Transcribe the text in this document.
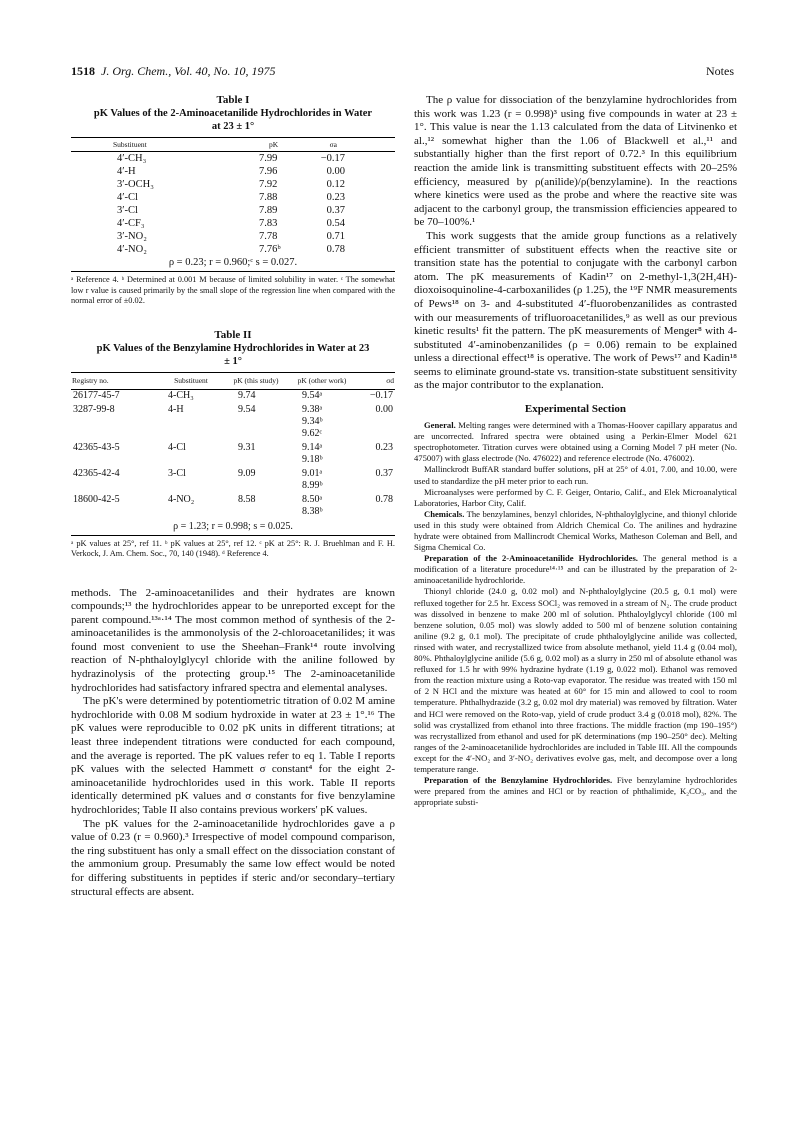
1518 J. Org. Chem., Vol. 40, No. 10, 1975	Notes

Table I

pK Values of the 2-Aminoacetanilide Hydrochlorides in Water at 23 ± 1°

Substituent	pK	σa
4′-CH₃	7.99	−0.17
4′-H	7.96	0.00
3′-OCH₃	7.92	0.12
4′-Cl	7.88	0.23
3′-Cl	7.89	0.37
4′-CF₃	7.83	0.54
3′-NO₂	7.78	0.71
4′-NO₂	7.76ᵇ	0.78
ρ = 0.23; r = 0.960;ᶜ s = 0.027.		

ᵃ Reference 4. ᵇ Determined at 0.001 M because of limited solubility in water. ᶜ The somewhat low r value is caused primarily by the small slope of the regression line when compared with the normal error of ±0.02.

Table II

pK Values of the Benzylamine Hydrochlorides in Water at 23 ± 1°

Registry no.	Substituent	pK (this study)	pK (other work)	σd
26177-45-7	4-CH₃	9.74	9.54ᵃ	−0.17
3287-99-8	4-H	9.54	9.38ᵃ	0.00
			9.34ᵇ	
			9.62ᶜ	
42365-43-5	4-Cl	9.31	9.14ᵃ	0.23
			9.18ᵇ	
42365-42-4	3-Cl	9.09	9.01ᵃ	0.37
			8.99ᵇ	
18600-42-5	4-NO₂	8.58	8.50ᵃ	0.78
			8.38ᵇ	
ρ = 1.23; r = 0.998; s = 0.025.				

ᵃ pK values at 25°, ref 11. ᵇ pK values at 25°, ref 12. ᶜ pK at 25°: R. J. Bruehlman and F. H. Verkock, J. Am. Chem. Soc., 70, 140 (1948). ᵈ Reference 4.

methods. The 2-aminoacetanilides and their hydrates are known compounds;¹³ the hydrochlorides appear to be unreported except for the parent compound.¹³ᵃ·¹⁴ The most common method of synthesis of the 2-aminoacetanilides is the ammonolysis of the 2-chloroacetanilides; it was found most convenient to use the Sheehan–Frank¹⁴ route involving reaction of N-phthaloylglycyl chloride with the aniline followed by hydrazinolysis of the protecting group.¹⁵ The 2-aminoacetanilide hydrochlorides had satisfactory infrared spectra and elemental analyses.

The pK's were determined by potentiometric titration of 0.02 M amine hydrochloride with 0.08 M sodium hydroxide in water at 23 ± 1°.¹⁶ The pK values were reproducible to 0.02 pK units in different titrations; at least three independent titrations were conducted for each compound, and the average is reported. The pK values refer to eq 1. Table I reports pK values with the selected Hammett σ constant⁴ for the eight 2-aminoacetanilide hydrochlorides used in this work. Table II reports identically determined pK values and σ constants for five benzylamine hydrochlorides; Table II also contains previous workers' pK values.

The pK values for the 2-aminoacetanilide hydrochlorides gave a ρ value of 0.23 (r = 0.960).³ Irrespective of model compound comparison, the ring substituent has only a small effect on the dissociation constant of the ammonium group. Presumably the same low effect would be noted for differing substituents in peptides if steric and/or secondary–tertiary structural effects are absent.

The ρ value for dissociation of the benzylamine hydrochlorides from this work was 1.23 (r = 0.998)³ using five compounds in water at 23 ± 1°. This value is near the 1.13 calculated from the data of Litvinenko et al.,¹² somewhat higher than the 1.06 of Blackwell et al.,¹¹ and substantially higher than the first report of 0.72.³ In this equilibrium reaction the amide link is transmitting substituent effects with 20–25% efficiency, measured by ρ(anilide)/ρ(benzylamine). In the reactions where kinetics were used as the probe and where the reactive site was adjacent to the carbonyl group, the transmission efficiencies appeared to be 70–100%.¹

This work suggests that the amide group functions as a relatively efficient transmitter of substituent effects when the reactive site or transition state has the potential to conjugate with the carbonyl carbon atom. The pK measurements of Kadin¹⁷ on 2-methyl-1,3(2H,4H)-dioxoisoquinoline-4-carboxanilides (ρ 1.25), the ¹⁹F NMR measurements of Pews¹⁸ on 3- and 4-substituted 4′-fluorobenzanilides as contrasted with our measurements of trifluoroacetanilides,⁹ as well as our previous kinetic results¹ fit the pattern. The pK measurements of Menger⁸ with 4-substituted 4′-aminobenzanilides (ρ = 0.06) remain to be explained unless a directional effect¹⁸ is operative. The work of Pews¹⁷ and Kadin¹⁸ seems to eliminate ground-state vs. transition-state substituent sensitivity as the major contributor to the explanation.

Experimental Section

General. Melting ranges were determined with a Thomas-Hoover capillary apparatus and are uncorrected. Infrared spectra were obtained using a Perkin-Elmer Model 621 spectrophotometer. Titration curves were obtained using a Corning Model 7 pH meter (No. 475007) with glass electrode (No. 476022) and reference electrode (No. 476002).

Mallinckrodt BuffAR standard buffer solutions, pH at 25° of 4.01, 7.00, and 10.00, were used to standardize the pH meter prior to each run.

Microanalyses were performed by C. F. Geiger, Ontario, Calif., and Elek Microanalytical Laboratories, Harbor City, Calif.

Chemicals. The benzylamines, benzyl chlorides, N-phthaloylglycine, and thionyl chloride used in this study were obtained from Aldrich Chemical Co. The anilines and hydrazine hydrate were obtained from Mallincrodt Chemical Works, Matheson Coleman and Bell, and Sigma Chemical Co.

Preparation of the 2-Aminoacetanilide Hydrochlorides. The general method is a modification of a literature procedure¹⁴·¹⁵ and can be illustrated by the preparation of 2-aminoacetanilide hydrochloride.

Thionyl chloride (24.0 g, 0.02 mol) and N-phthaloylglycine (20.5 g, 0.1 mol) were refluxed together for 2.5 hr. Excess SOCl₂ was removed in a stream of N₂. The crude product was dissolved in benzene to make 200 ml of solution. Phthaloylglycyl chloride (100 ml benzene solution, 0.05 mol) was slowly added to 500 ml of benzene solution containing aniline (9.2 g, 0.1 mol). The precipitate of crude phthaloylglycine anilide was collected, rinsed with water, and recrystallized twice from absolute methanol, yield 11.4 g (0.04 mol), 80%. Phthaloylglycine anilide (5.6 g, 0.02 mol) as a slurry in 250 ml of absolute ethanol was refluxed for 1.5 hr with 99% hydrazine hydrate (1.19 g, 0.022 mol). Ethanol was removed from the reaction mixture using a Roto-vap evaporator. The residue was treated with 150 ml of 2 N HCl and the mixture was heated at 60° for 15 min and allowed to cool to room temperature. Phthalhydrazide (3.2 g, 0.02 mol dry material) was removed by filtration. Water and HCl were removed on the Roto-vap, yield of crude product 3.4 g (0.018 mol), 82%. The solid was crystallized from ethanol into three fractions. The middle fraction (mp 190–195°) was recrystallized from ethanol and used for pK determinations (mp 190–250° dec). Melting ranges of the 2-aminoacetanilide hydrochlorides are included in Table III. All the compounds except for the 4′-NO₂ and 3′-NO₂ derivatives evolve gas, melt, and decompose over a long temperature range.

Preparation of the Benzylamine Hydrochlorides. Five benzylamine hydrochlorides were prepared from the amines and HCl or by reaction of phthalimide, K₂CO₃, and the appropriate substi-
